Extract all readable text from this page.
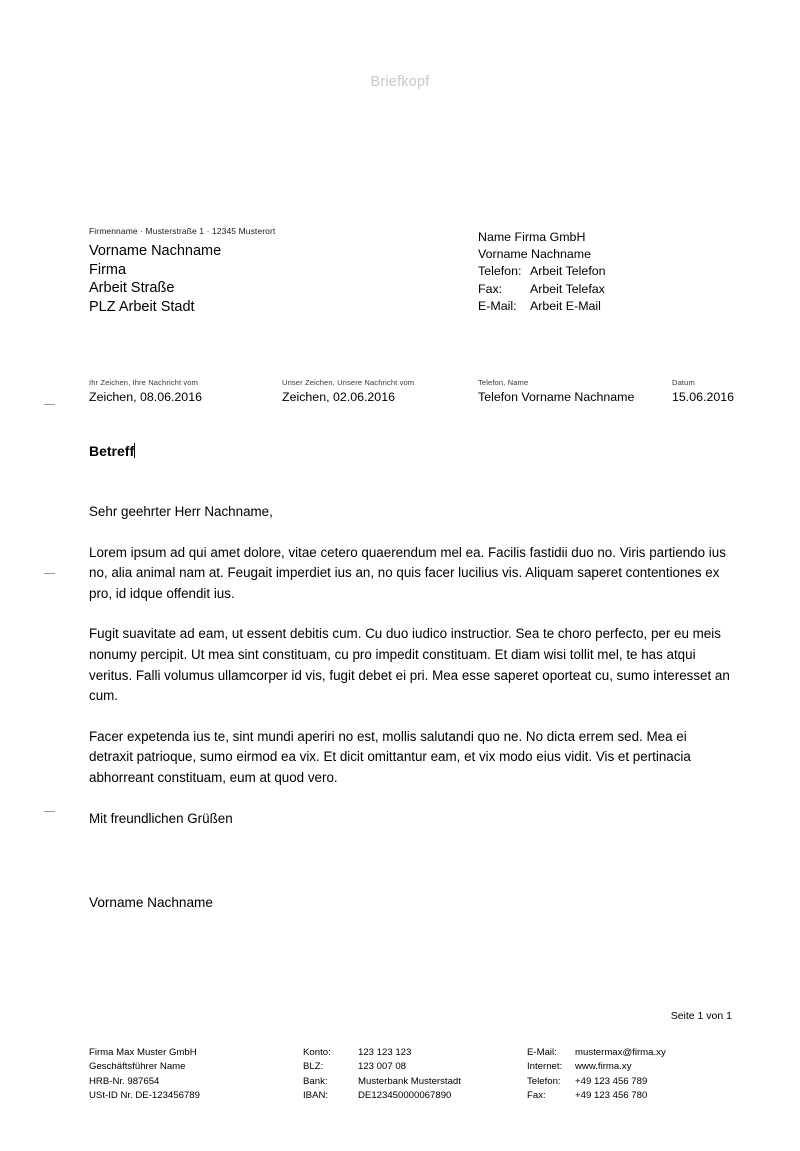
Briefkopf
Firmenname · Musterstraße 1 · 12345 Musterort
Vorname Nachname
Firma
Arbeit Straße
PLZ Arbeit Stadt
Name Firma GmbH
Vorname Nachname
Telefon: Arbeit Telefon
Fax: Arbeit Telefax
E-Mail: Arbeit E-Mail
Ihr Zeichen, Ihre Nachricht vom
Zeichen, 08.06.2016
Unser Zeichen, Unsere Nachricht vom
Zeichen, 02.06.2016
Telefon, Name
Telefon Vorname Nachname
Datum
15.06.2016
Betreff

Sehr geehrter Herr Nachname,

Lorem ipsum ad qui amet dolore, vitae cetero quaerendum mel ea. Facilis fastidii duo no. Viris partiendo ius no, alia animal nam at. Feugait imperdiet ius an, no quis facer lucilius vis. Aliquam saperet contentiones ex pro, id idque offendit ius.

Fugit suavitate ad eam, ut essent debitis cum. Cu duo iudico instructior. Sea te choro perfecto, per eu meis nonumy percipit. Ut mea sint constituam, cu pro impedit constituam. Et diam wisi tollit mel, te has atqui veritus. Falli volumus ullamcorper id vis, fugit debet ei pri. Mea esse saperet oporteat cu, sumo interesset an cum.

Facer expetenda ius te, sint mundi aperiri no est, mollis salutandi quo ne. No dicta errem sed. Mea ei detraxit patrioque, sumo eirmod ea vix. Et dicit omittantur eam, et vix modo eius vidit. Vis et pertinacia abhorreant constituam, eum at quod vero.

Mit freundlichen Grüßen

Vorname Nachname
Seite 1 von 1
Firma Max Muster GmbH
Geschäftsführer Name
HRB-Nr. 987654
USt-ID Nr. DE-123456789
Konto:	123 123 123
BLZ:	123 007 08
Bank:	Musterbank Musterstadt
IBAN:	DE123450000067890
E-Mail: mustermax@firma.xy
Internet: www.firma.xy
Telefon: +49 123 456 789
Fax:	+49 123 456 780
